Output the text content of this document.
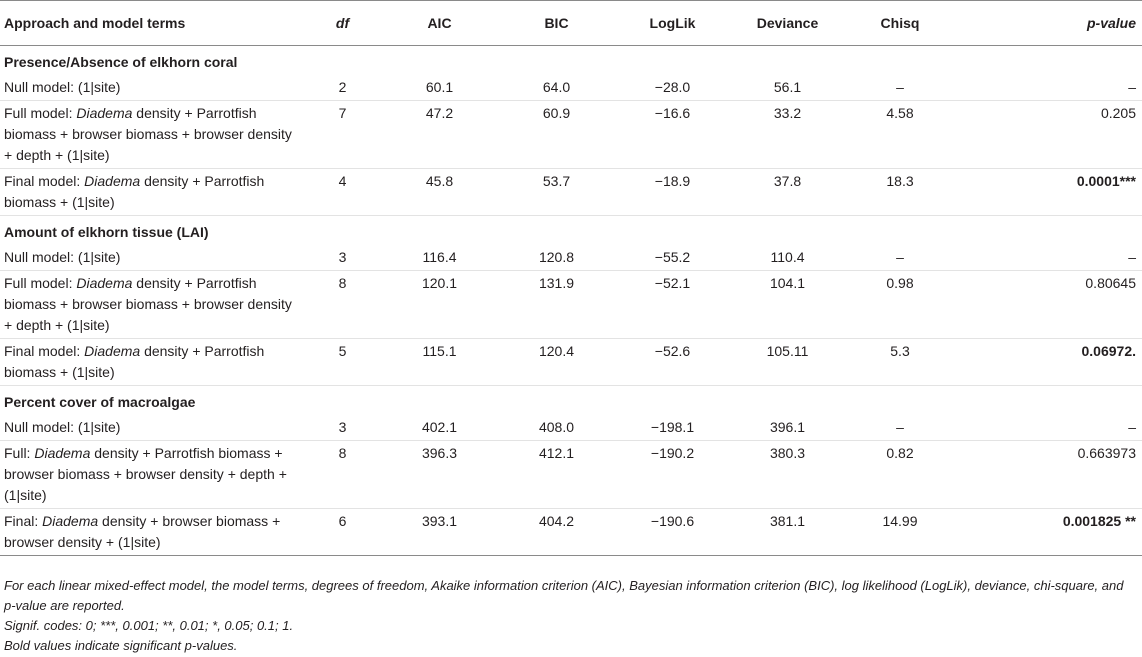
Approach and model terms	df	AIC	BIC	LogLik	Deviance	Chisq	p-value
Presence/Absence of elkhorn coral							

Null model: (1|site)	2	60.1	64.0	−28.0	56.1	–	–

Full model: Diadema density + Parrotfish biomass + browser biomass + browser density + depth + (1|site)	7	47.2	60.9	−16.6	33.2	4.58	0.205

Final model: Diadema density + Parrotfish biomass + (1|site)	4	45.8	53.7	−18.9	37.8	18.3	0.0001***
Amount of elkhorn tissue (LAI)							

Null model: (1|site)	3	116.4	120.8	−55.2	110.4	–	–

Full model: Diadema density + Parrotfish biomass + browser biomass + browser density + depth + (1|site)	8	120.1	131.9	−52.1	104.1	0.98	0.80645

Final model: Diadema density + Parrotfish biomass + (1|site)	5	115.1	120.4	−52.6	105.11	5.3	0.06972.
Percent cover of macroalgae							

Null model: (1|site)	3	402.1	408.0	−198.1	396.1	–	–

Full: Diadema density + Parrotfish biomass + browser biomass + browser density + depth + (1|site)	8	396.3	412.1	−190.2	380.3	0.82	0.663973

Final: Diadema density + browser biomass + browser density + (1|site)	6	393.1	404.2	−190.6	381.1	14.99	0.001825 **

For each linear mixed-effect model, the model terms, degrees of freedom, Akaike information criterion (AIC), Bayesian information criterion (BIC), log likelihood (LogLik), deviance, chi-square, and p-value are reported.

Signif. codes: 0; ***, 0.001; **, 0.01; *, 0.05; 0.1; 1.

Bold values indicate significant p-values.
